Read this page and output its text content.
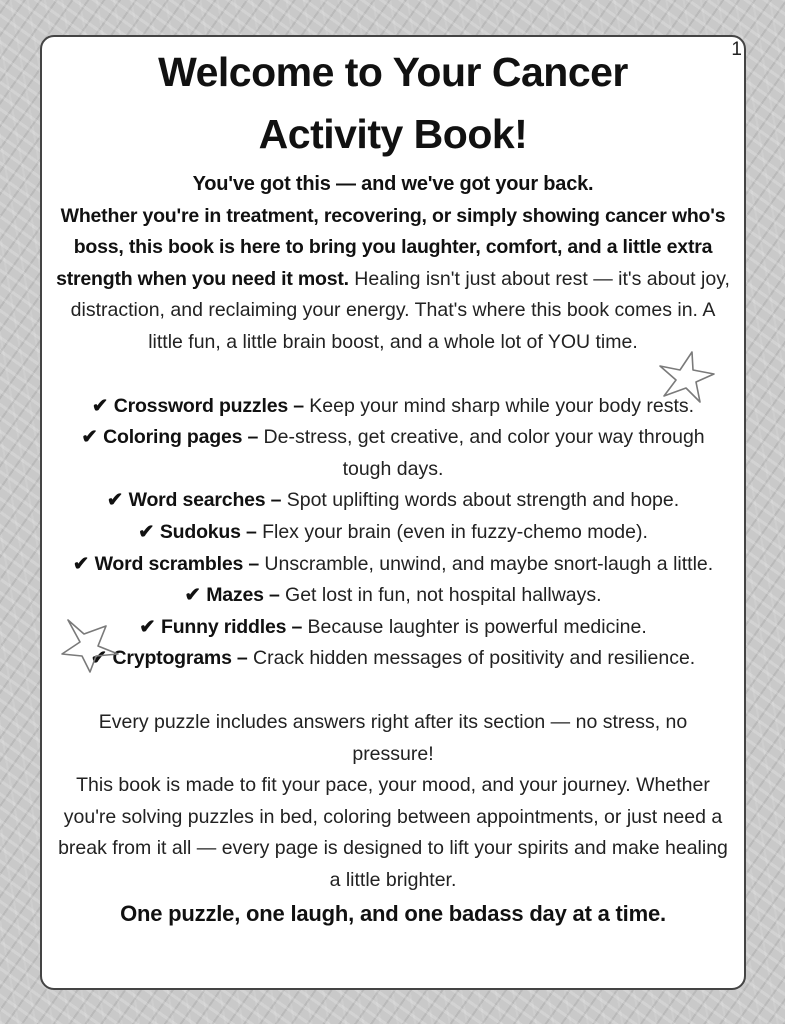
1
Welcome to Your Cancer
Activity Book!

You've got this — and we've got your back.

Whether you're in treatment, recovering, or simply showing cancer who's boss, this book is here to bring you laughter, comfort, and a little extra strength when you need it most. Healing isn't just about rest — it's about joy, distraction, and reclaiming your energy. That's where this book comes in. A little fun, a little brain boost, and a whole lot of YOU time.

✔ Crossword puzzles – Keep your mind sharp while your body rests.

✔ Coloring pages – De-stress, get creative, and color your way through tough days.

✔ Word searches – Spot uplifting words about strength and hope.

✔ Sudokus – Flex your brain (even in fuzzy-chemo mode).

✔ Word scrambles – Unscramble, unwind, and maybe snort-laugh a little.

✔ Mazes – Get lost in fun, not hospital hallways.

✔ Funny riddles – Because laughter is powerful medicine.

✔ Cryptograms – Crack hidden messages of positivity and resilience.

Every puzzle includes answers right after its section — no stress, no pressure!

This book is made to fit your pace, your mood, and your journey. Whether you're solving puzzles in bed, coloring between appointments, or just need a break from it all — every page is designed to lift your spirits and make healing a little brighter.

One puzzle, one laugh, and one badass day at a time.
